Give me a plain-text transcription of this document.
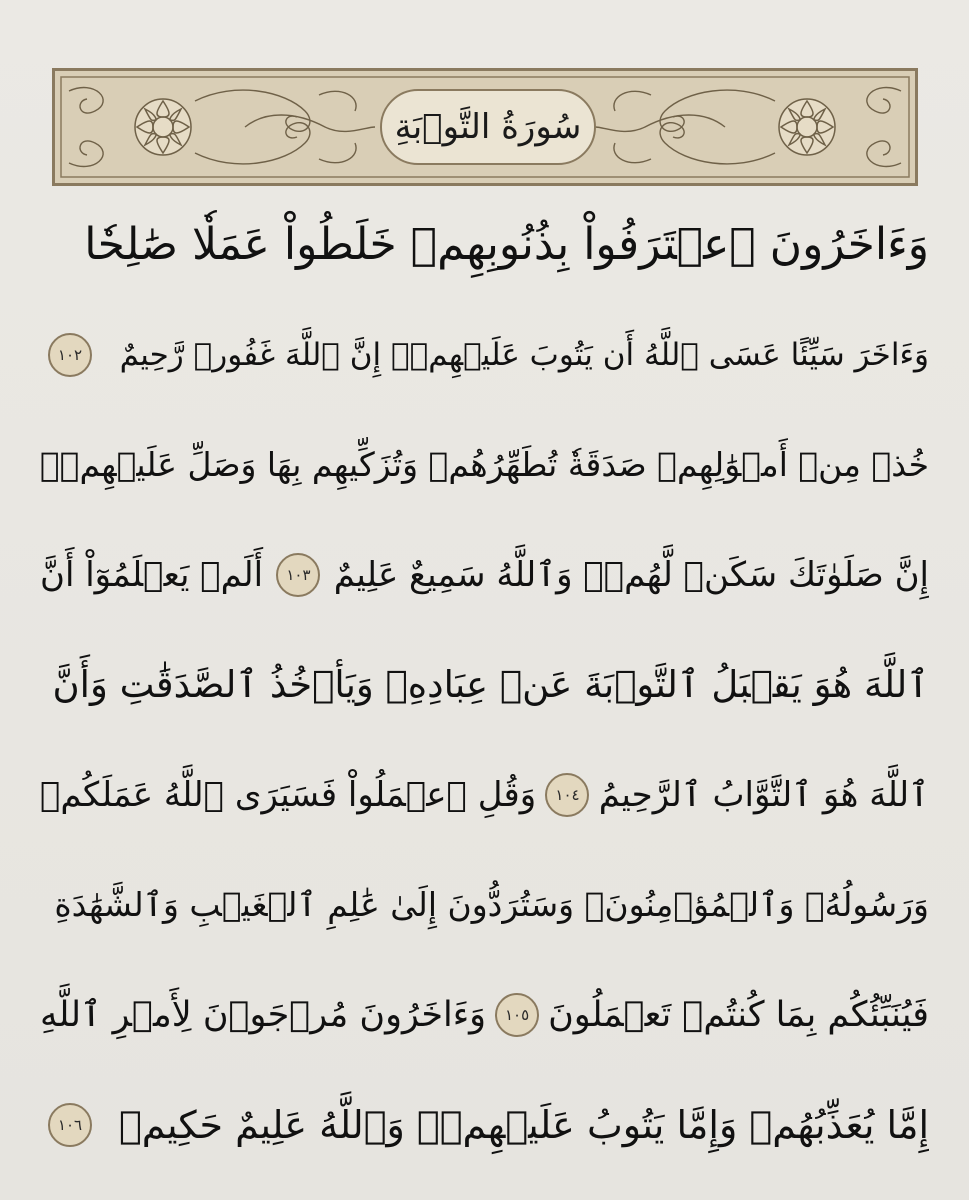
سُورَةُ التَّوۡبَةِ
وَءَاخَرُونَ ٱعۡتَرَفُواْ بِذُنُوبِهِمۡ خَلَطُواْ عَمَلٗا صَٰلِحٗا
وَءَاخَرَ سَيِّئًا عَسَى ٱللَّهُ أَن يَتُوبَ عَلَيۡهِمۡۚ إِنَّ ٱللَّهَ غَفُورٞ رَّحِيمٌ
١٠٢
خُذۡ مِنۡ أَمۡوَٰلِهِمۡ صَدَقَةٗ تُطَهِّرُهُمۡ وَتُزَكِّيهِم بِهَا وَصَلِّ عَلَيۡهِمۡۖ
إِنَّ صَلَوٰتَكَ سَكَنٞ لَّهُمۡۗ وَٱللَّهُ سَمِيعٌ عَلِيمٌ
١٠٣
أَلَمۡ يَعۡلَمُوٓاْ أَنَّ
ٱللَّهَ هُوَ يَقۡبَلُ ٱلتَّوۡبَةَ عَنۡ عِبَادِهِۦ وَيَأۡخُذُ ٱلصَّدَقَٰتِ وَأَنَّ
ٱللَّهَ هُوَ ٱلتَّوَّابُ ٱلرَّحِيمُ
١٠٤
وَقُلِ ٱعۡمَلُواْ فَسَيَرَى ٱللَّهُ عَمَلَكُمۡ
وَرَسُولُهُۥ وَٱلۡمُؤۡمِنُونَۖ وَسَتُرَدُّونَ إِلَىٰ عَٰلِمِ ٱلۡغَيۡبِ وَٱلشَّهَٰدَةِ
فَيُنَبِّئُكُم بِمَا كُنتُمۡ تَعۡمَلُونَ
١٠٥
وَءَاخَرُونَ مُرۡجَوۡنَ لِأَمۡرِ ٱللَّهِ
إِمَّا يُعَذِّبُهُمۡ وَإِمَّا يَتُوبُ عَلَيۡهِمۡۗ وَٱللَّهُ عَلِيمٌ حَكِيمٞ
١٠٦
